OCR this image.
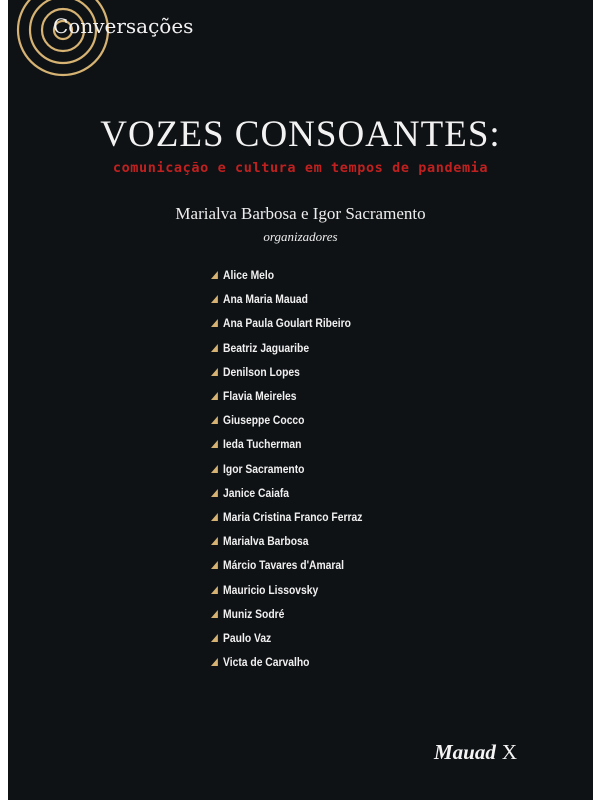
Conversações
VOZES CONSOANTES:
comunicação e cultura em tempos de pandemia
Marialva Barbosa e Igor Sacramento
organizadores
Alice Melo
Ana Maria Mauad
Ana Paula Goulart Ribeiro
Beatriz Jaguaribe
Denilson Lopes
Flavia Meireles
Giuseppe Cocco
Ieda Tucherman
Igor Sacramento
Janice Caiafa
Maria Cristina Franco Ferraz
Marialva Barbosa
Márcio Tavares d'Amaral
Mauricio Lissovsky
Muniz Sodré
Paulo Vaz
Victa de Carvalho
Mauad X
